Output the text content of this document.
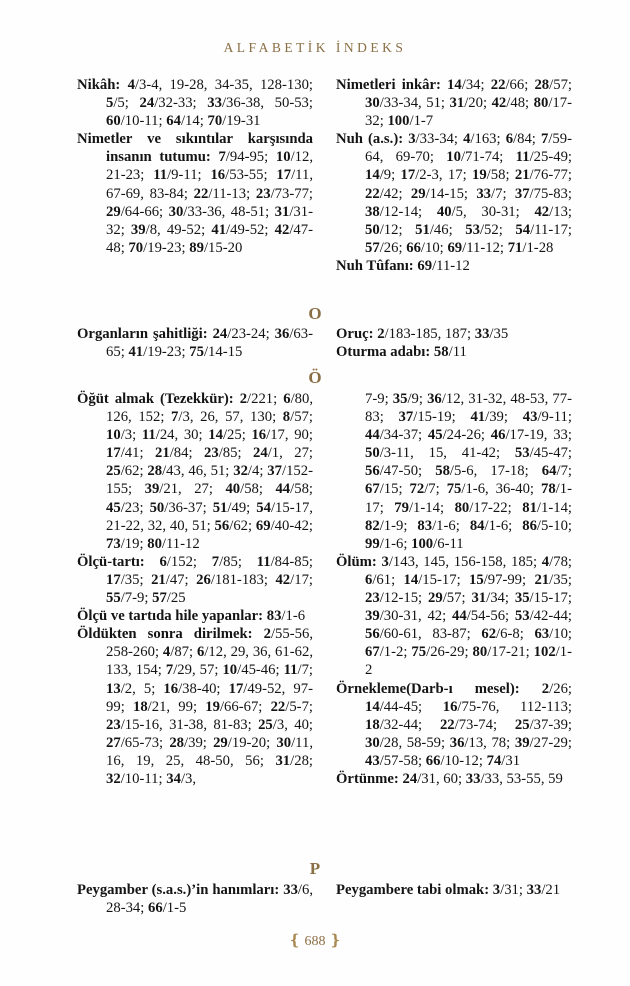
ALFABETİK İNDEKS
Nikâh: 4/3-4, 19-28, 34-35, 128-130; 5/5; 24/32-33; 33/36-38, 50-53; 60/10-11; 64/14; 70/19-31
Nimetler ve sıkıntılar karşısında insanın tutumu: 7/94-95; 10/12, 21-23; 11/9-11; 16/53-55; 17/11, 67-69, 83-84; 22/11-13; 23/73-77; 29/64-66; 30/33-36, 48-51; 31/31-32; 39/8, 49-52; 41/49-52; 42/47-48; 70/19-23; 89/15-20
Nimetleri inkâr: 14/34; 22/66; 28/57; 30/33-34, 51; 31/20; 42/48; 80/17-32; 100/1-7
Nuh (a.s.): 3/33-34; 4/163; 6/84; 7/59-64, 69-70; 10/71-74; 11/25-49; 14/9; 17/2-3, 17; 19/58; 21/76-77; 22/42; 29/14-15; 33/7; 37/75-83; 38/12-14; 40/5, 30-31; 42/13; 50/12; 51/46; 53/52; 54/11-17; 57/26; 66/10; 69/11-12; 71/1-28
Nuh Tûfanı: 69/11-12
O
Organların şahitliği: 24/23-24; 36/63-65; 41/19-23; 75/14-15
Oruç: 2/183-185, 187; 33/35
Oturma adabı: 58/11
Ö
Öğüt almak (Tezekkür): 2/221; 6/80, 126, 152; 7/3, 26, 57, 130; 8/57; 10/3; 11/24, 30; 14/25; 16/17, 90; 17/41; 21/84; 23/85; 24/1, 27; 25/62; 28/43, 46, 51; 32/4; 37/152-155; 39/21, 27; 40/58; 44/58; 45/23; 50/36-37; 51/49; 54/15-17, 21-22, 32, 40, 51; 56/62; 69/40-42; 73/19; 80/11-12
Ölçü-tartı: 6/152; 7/85; 11/84-85; 17/35; 21/47; 26/181-183; 42/17; 55/7-9; 57/25
Ölçü ve tartıda hile yapanlar: 83/1-6
Öldükten sonra dirilmek: 2/55-56, 258-260; 4/87; 6/12, 29, 36, 61-62, 133, 154; 7/29, 57; 10/45-46; 11/7; 13/2, 5; 16/38-40; 17/49-52, 97-99; 18/21, 99; 19/66-67; 22/5-7; 23/15-16, 31-38, 81-83; 25/3, 40; 27/65-73; 28/39; 29/19-20; 30/11, 16, 19, 25, 48-50, 56; 31/28; 32/10-11; 34/3,
7-9; 35/9; 36/12, 31-32, 48-53, 77-83; 37/15-19; 41/39; 43/9-11; 44/34-37; 45/24-26; 46/17-19, 33; 50/3-11, 15, 41-42; 53/45-47; 56/47-50; 58/5-6, 17-18; 64/7; 67/15; 72/7; 75/1-6, 36-40; 78/1-17; 79/1-14; 80/17-22; 81/1-14; 82/1-9; 83/1-6; 84/1-6; 86/5-10; 99/1-6; 100/6-11
Ölüm: 3/143, 145, 156-158, 185; 4/78; 6/61; 14/15-17; 15/97-99; 21/35; 23/12-15; 29/57; 31/34; 35/15-17; 39/30-31, 42; 44/54-56; 53/42-44; 56/60-61, 83-87; 62/6-8; 63/10; 67/1-2; 75/26-29; 80/17-21; 102/1-2
Örnekleme(Darb-ı mesel): 2/26; 14/44-45; 16/75-76, 112-113; 18/32-44; 22/73-74; 25/37-39; 30/28, 58-59; 36/13, 78; 39/27-29; 43/57-58; 66/10-12; 74/31
Örtünme: 24/31, 60; 33/33, 53-55, 59
P
Peygamber (s.a.s.)’in hanımları: 33/6, 28-34; 66/1-5
Peygambere tabi olmak: 3/31; 33/21
❴ 688 ❵
